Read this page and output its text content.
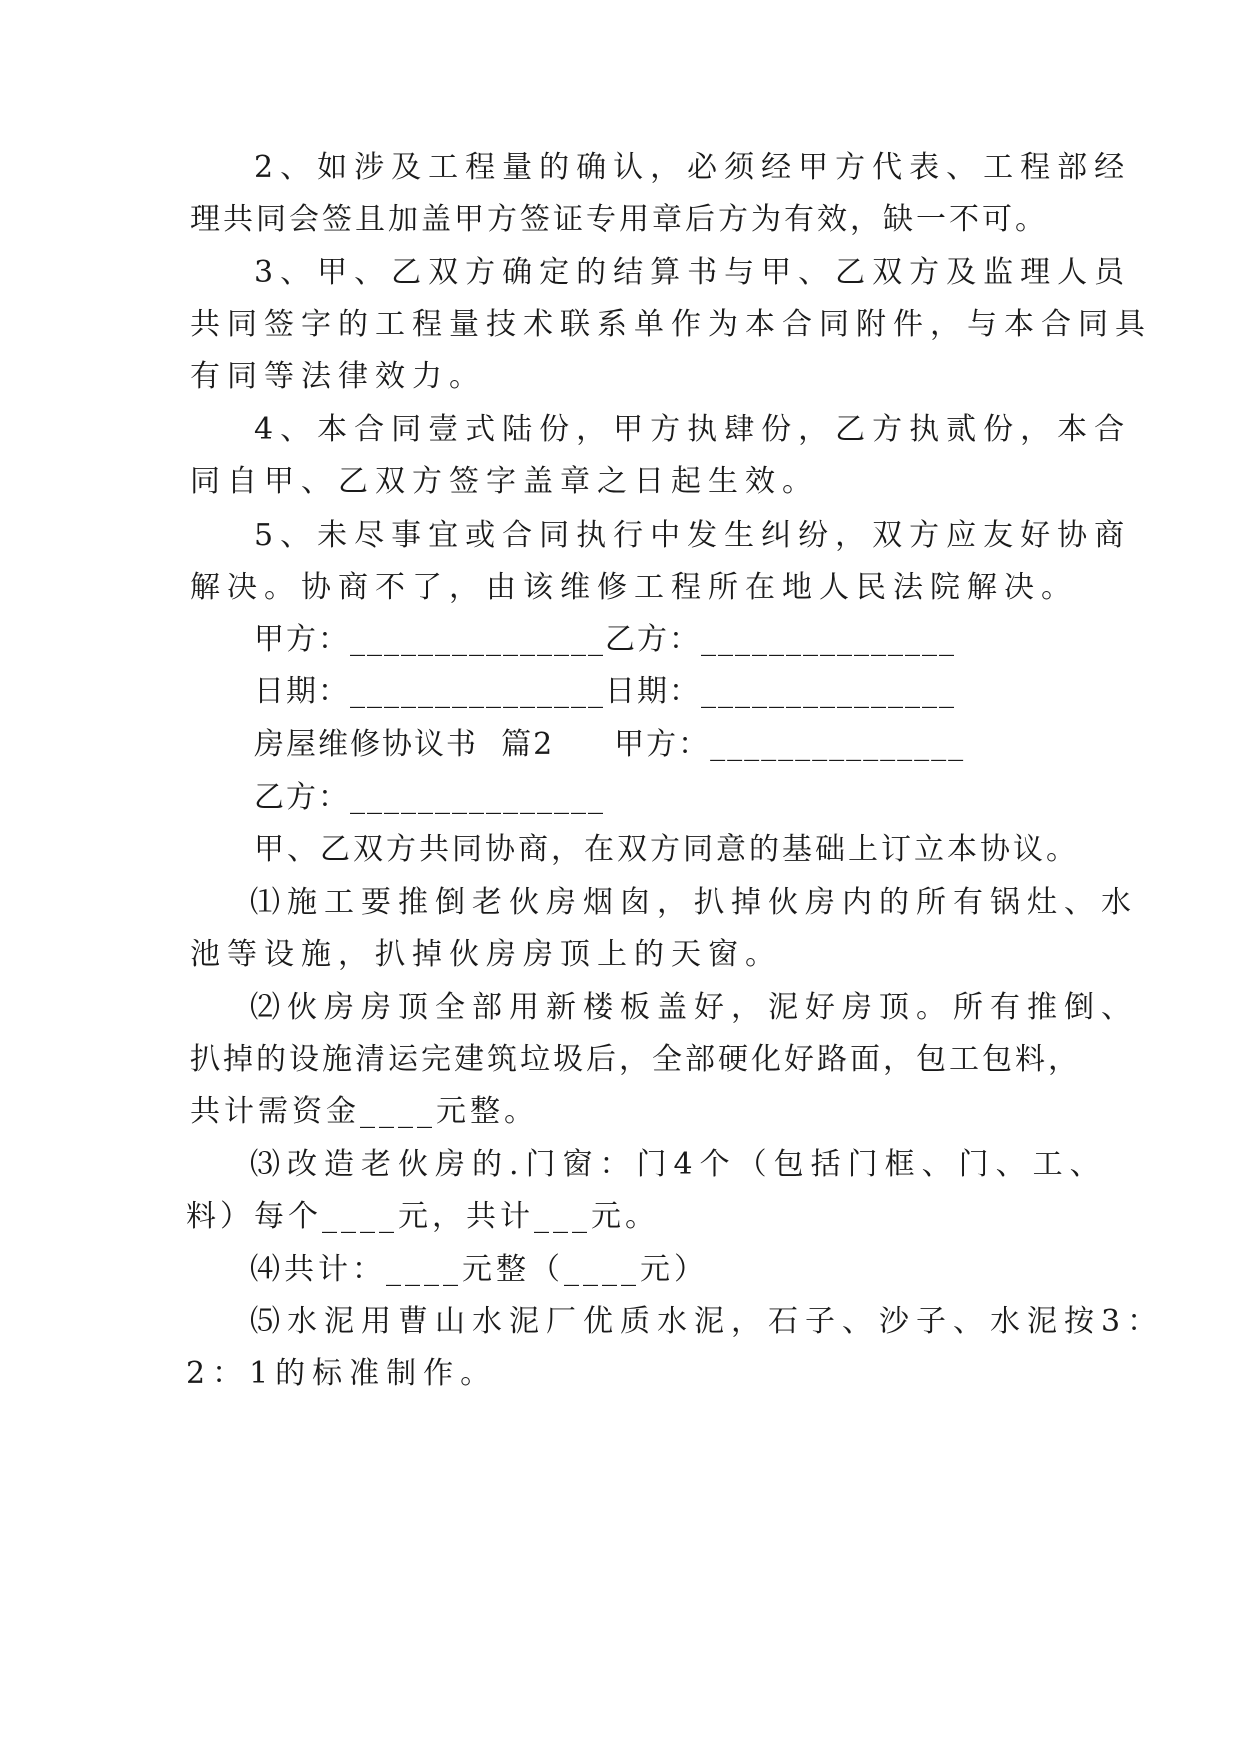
2、如涉及工程量的确认，必须经甲方代表、工程部经
理共同会签且加盖甲方签证专用章后方为有效，缺一不可。
3、甲、乙双方确定的结算书与甲、乙双方及监理人员
共同签字的工程量技术联系单作为本合同附件，与本合同具
有同等法律效力。
4、本合同壹式陆份，甲方执肆份，乙方执贰份，本合
同自甲、乙双方签字盖章之日起生效。
5、未尽事宜或合同执行中发生纠纷，双方应友好协商
解决。协商不了，由该维修工程所在地人民法院解决。
甲方：_______________乙方：_______________
日期：_______________日期：_______________
房屋维修协议书  篇2 甲方：_______________
乙方：_______________
甲、乙双方共同协商，在双方同意的基础上订立本协议。
⑴施工要推倒老伙房烟囱，扒掉伙房内的所有锅灶、水
池等设施，扒掉伙房房顶上的天窗。
⑵伙房房顶全部用新楼板盖好，泥好房顶。所有推倒、
扒掉的设施清运完建筑垃圾后，全部硬化好路面，包工包料，
共计需资金____元整。
⑶改造老伙房的.门窗：门4个（包括门框、门、工、
料）每个____元，共计___元。
⑷共计：____元整（____元）
⑸水泥用曹山水泥厂优质水泥，石子、沙子、水泥按3：
2：1的标准制作。
